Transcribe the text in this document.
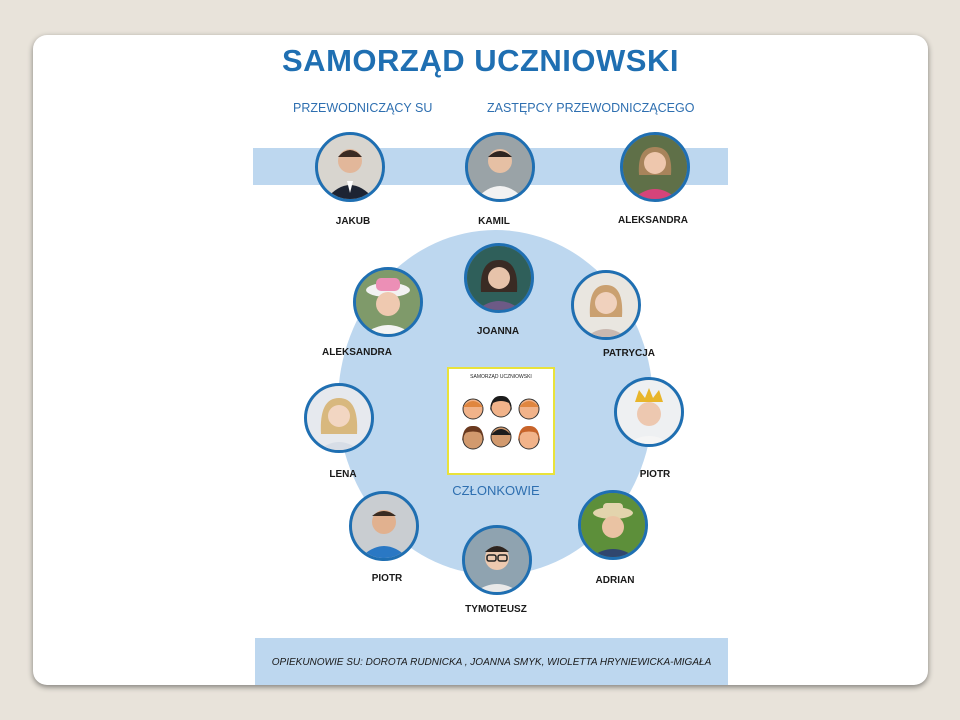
SAMORZĄD UCZNIOWSKI
PRZEWODNICZĄCY SU	ZASTĘPCY PRZEWODNICZĄCEGO
JAKUB	KAMIL	ALEKSANDRA
JOANNA
PATRYCJA
PIOTR
ADRIAN
TYMOTEUSZ
PIOTR
LENA
ALEKSANDRA
SAMORZĄD UCZNIOWSKI
CZŁONKOWIE
OPIEKUNOWIE SU: DOROTA RUDNICKA , JOANNA SMYK, WIOLETTA HRYNIEWICKA-MIGAŁA
